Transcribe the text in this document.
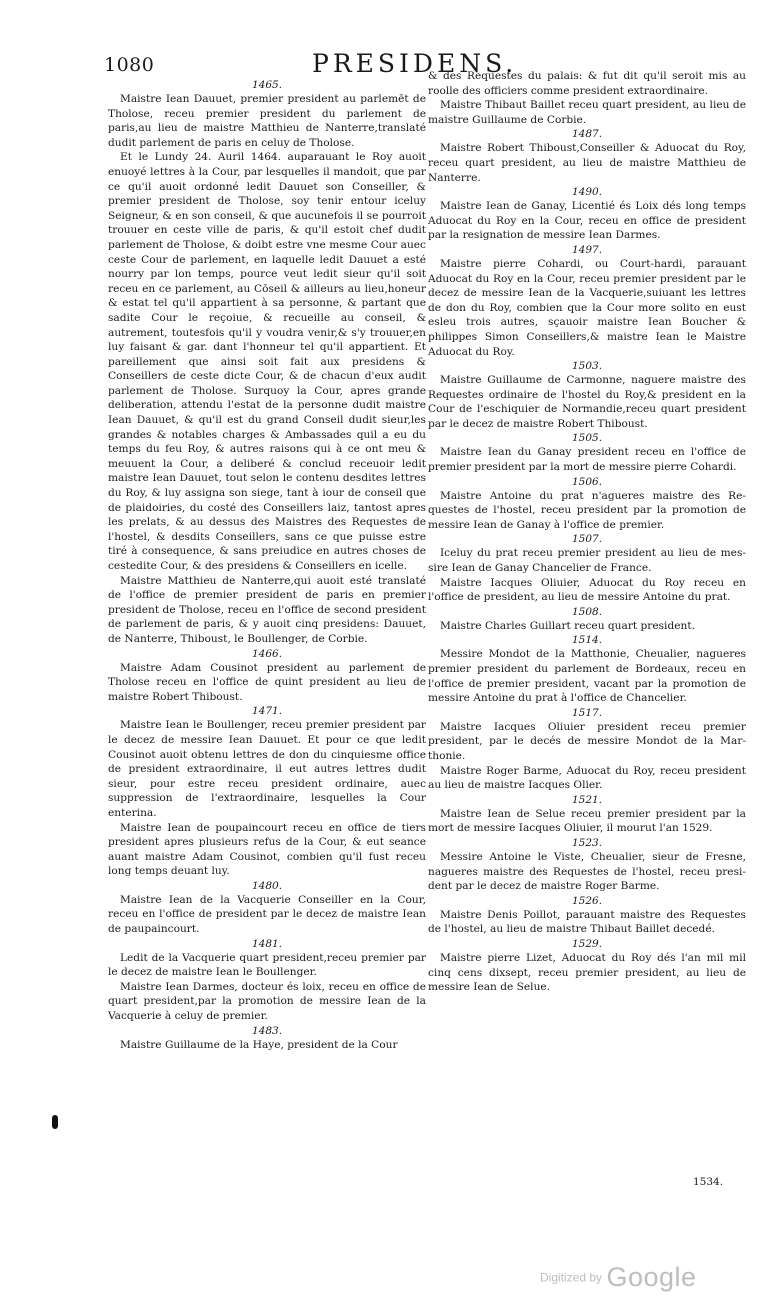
1080	PRESIDENS.
1465.

Maistre Iean Dauuet, premier president au parlemēt de Tholose, receu premier president du parlement de paris,au lieu de maistre Matthieu de Nanterre,translaté dudit parlement de paris en celuy de Tholose.

Et le Lundy 24. Auril 1464. auparauant le Roy auoit enuoyé lettres à la Cour, par lesquelles il mandoit, que par ce qu'il auoit ordonné ledit Dauuet son Conseiller, & premier president de Tholose, soy tenir entour iceluy Seigneur, & en son conseil, & que aucunefois il se pourroit trouuer en ceste ville de paris, & qu'il estoit chef dudit parlement de Tholose, & doibt estre vne mesme Cour auec ceste Cour de parlement, en laquelle ledit Dauuet a esté nourry par lon temps, pource veut ledit sieur qu'il soit receu en ce parlement, au Cōseil & ailleurs au lieu,honeur & estat tel qu'il appartient à sa personne, & partant que sadite Cour le reçoiue, & recueille au conseil, & autrement, toutesfois qu'il y voudra venir,& s'y trouuer,en luy faisant & gar. dant l'honneur tel qu'il appartient. Et pareillement que ainsi soit fait aux presidens & Conseillers de ceste dicte Cour, & de chacun d'eux audit parlement de Tholose. Surquoy la Cour, apres grande deliberation, attendu l'estat de la personne dudit maistre Iean Dauuet, & qu'il est du grand Conseil dudit sieur,les grandes & notables charges & Ambassades quil a eu du temps du feu Roy, & autres raisons qui à ce ont meu & meuuent la Cour, a deliberé & conclud receuoir ledit maistre Iean Dauuet, tout selon le contenu desdites lettres du Roy, & luy assigna son siege, tant à iour de conseil que de plaidoiries, du costé des Conseillers laiz, tantost apres les prelats, & au dessus des Maistres des Requestes de l'hostel, & desdits Conseillers, sans ce que puisse estre tiré à consequence, & sans preiudice en autres choses de cestedite Cour, & des presidens & Conseillers en icelle.

Maistre Matthieu de Nanterre,qui auoit esté translaté de l'office de premier president de paris en premier president de Tholose, receu en l'office de second president de parlement de paris, & y auoit cinq presidens: Dauuet, de Nanterre, Thiboust, le Boullenger, de Corbie.

1466.

Maistre Adam Cousinot president au parlement de Tholose receu en l'office de quint president au lieu de maistre Robert Thiboust.

1471.

Maistre Iean le Boullenger, receu premier president par le decez de messire Iean Dauuet. Et pour ce que ledit Cousinot auoit obtenu lettres de don du cinquiesme office de president extraordinaire, il eut autres lettres dudit sieur, pour estre receu president ordinaire, auec suppression de l'extraordinaire, lesquelles la Cour enterina.

Maistre Iean de poupaincourt receu en office de tiers president apres plusieurs refus de la Cour, & eut seance auant maistre Adam Cousinot, combien qu'il fust receu long temps deuant luy.

1480.

Maistre Iean de la Vacquerie Conseiller en la Cour, receu en l'office de president par le decez de maistre Iean de paupaincourt.

1481.

Ledit de la Vacquerie quart president,receu premier par le decez de maistre Iean le Boullenger.

Maistre Iean Darmes, docteur és loix, receu en office de quart president,par la promotion de messire Iean de la Vacquerie à celuy de premier.

1483.

Maistre Guillaume de la Haye, president de la Cour

& des Requestes du palais: & fut dit qu'il seroit mis au roolle des officiers comme president extraordinaire.

Maistre Thibaut Baillet receu quart president, au lieu de maistre Guillaume de Corbie.

1487.

Maistre Robert Thiboust,Conseiller & Aduocat du Roy, receu quart president, au lieu de maistre Matthieu de Nanterre.

1490.

Maistre Iean de Ganay, Licentié és Loix dés long temps Aduocat du Roy en la Cour, receu en office de president par la resignation de messire Iean Darmes.

1497.

Maistre pierre Cohardi, ou Court-hardi, parauant Aduocat du Roy en la Cour, receu premier president par le decez de messire Iean de la Vacquerie,suiuant les lettres de don du Roy, combien que la Cour more solito en eust esleu trois autres, sçauoir maistre Iean Boucher & philippes Simon Conseillers,& maistre Iean le Maistre Aduocat du Roy.

1503.

Maistre Guillaume de Carmonne, naguere maistre des Requestes ordinaire de l'hostel du Roy,& president en la Cour de l'eschiquier de Normandie,receu quart president par le decez de maistre Robert Thiboust.

1505.

Maistre Iean du Ganay president receu en l'office de premier president par la mort de messire pierre Cohardi.

1506.

Maistre Antoine du prat n'agueres maistre des Requestes de l'hostel, receu president par la promotion de messire Iean de Ganay à l'office de premier.

1507.

Iceluy du prat receu premier president au lieu de messire Iean de Ganay Chancelier de France.

Maistre Iacques Oliuier, Aduocat du Roy receu en l'office de president, au lieu de messire Antoine du prat.

1508.

Maistre Charles Guillart receu quart president.

1514.

Messire Mondot de la Matthonie, Cheualier, nagueres premier president du parlement de Bordeaux, receu en l'office de premier president, vacant par la promotion de messire Antoine du prat à l'office de Chancelier.

1517.

Maistre Iacques Oliuier president receu premier president, par le decés de messire Mondot de la Marthonie.

Maistre Roger Barme, Aduocat du Roy, receu president au lieu de maistre Iacques Olier.

1521.

Maistre Iean de Selue receu premier president par la mort de messire Iacques Oliuier, il mourut l'an 1529.

1523.

Messire Antoine le Viste, Cheualier, sieur de Fresne, nagueres maistre des Requestes de l'hostel, receu president par le decez de maistre Roger Barme.

1526.

Maistre Denis Poillot, parauant maistre des Requestes de l'hostel, au lieu de maistre Thibaut Baillet decedé.

1529.

Maistre pierre Lizet, Aduocat du Roy dés l'an mil mil cinq cens dixsept, receu premier president, au lieu de messire Iean de Selue.

1534.
Digitized by Google
